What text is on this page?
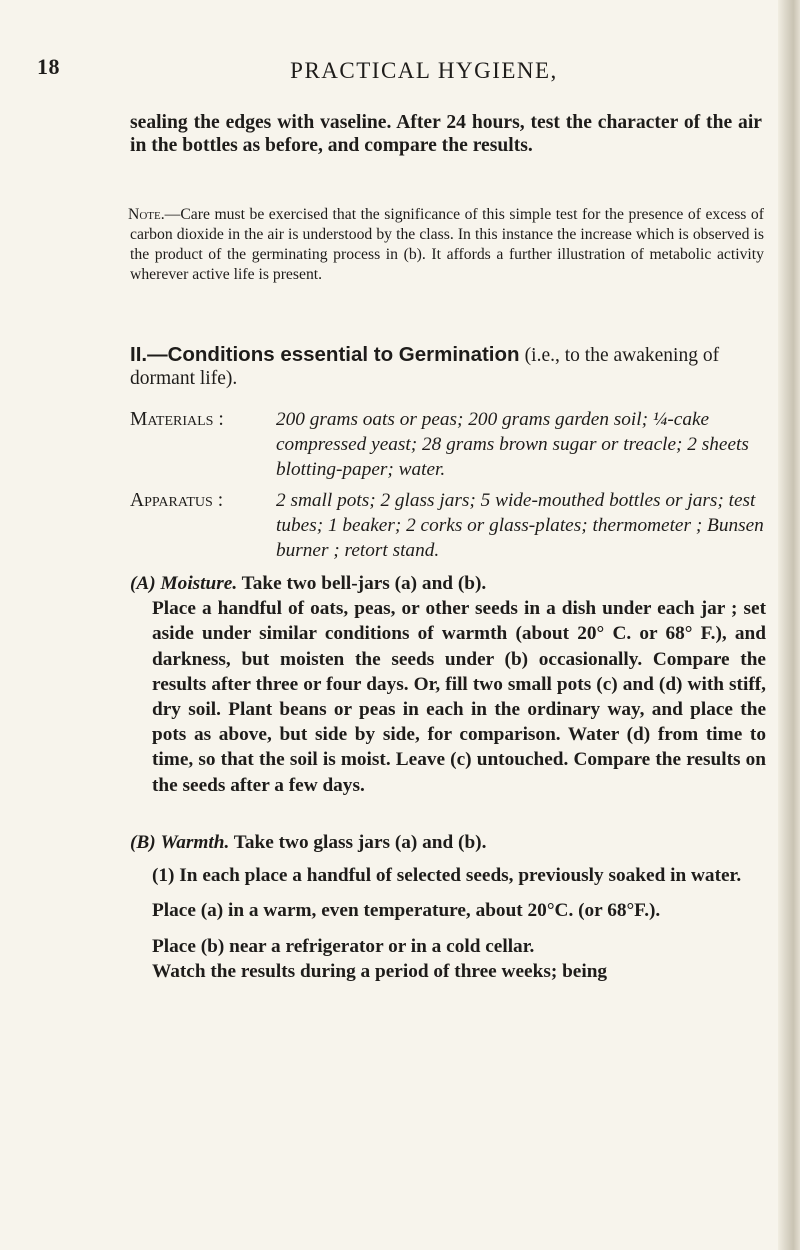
18	PRACTICAL HYGIENE,
sealing the edges with vaseline. After 24 hours, test the character of the air in the bottles as before, and compare the results.
Note.—Care must be exercised that the significance of this simple test for the presence of excess of carbon dioxide in the air is understood by the class. In this instance the increase which is observed is the product of the germinating process in (b). It affords a further illustration of metabolic activity wherever active life is present.
II.—Conditions essential to Germination (i.e., to the awakening of dormant life).
Materials :	200 grams oats or peas; 200 grams garden soil; ¼-cake compressed yeast; 28 grams brown sugar or treacle; 2 sheets blotting-paper; water.
Apparatus :	2 small pots; 2 glass jars; 5 wide-mouthed bottles or jars; test tubes; 1 beaker; 2 corks or glass-plates; thermometer ; Bunsen burner ; retort stand.
(A) Moisture. Take two bell-jars (a) and (b).
Place a handful of oats, peas, or other seeds in a dish under each jar ; set aside under similar conditions of warmth (about 20° C. or 68° F.), and darkness, but moisten the seeds under (b) occasionally. Compare the results after three or four days. Or, fill two small pots (c) and (d) with stiff, dry soil. Plant beans or peas in each in the ordinary way, and place the pots as above, but side by side, for comparison. Water (d) from time to time, so that the soil is moist. Leave (c) untouched. Compare the results on the seeds after a few days.
(B) Warmth. Take two glass jars (a) and (b).
(1) In each place a handful of selected seeds, previously soaked in water.
Place (a) in a warm, even temperature, about 20°C. (or 68°F.).
Place (b) near a refrigerator or in a cold cellar.
Watch the results during a period of three weeks; being
